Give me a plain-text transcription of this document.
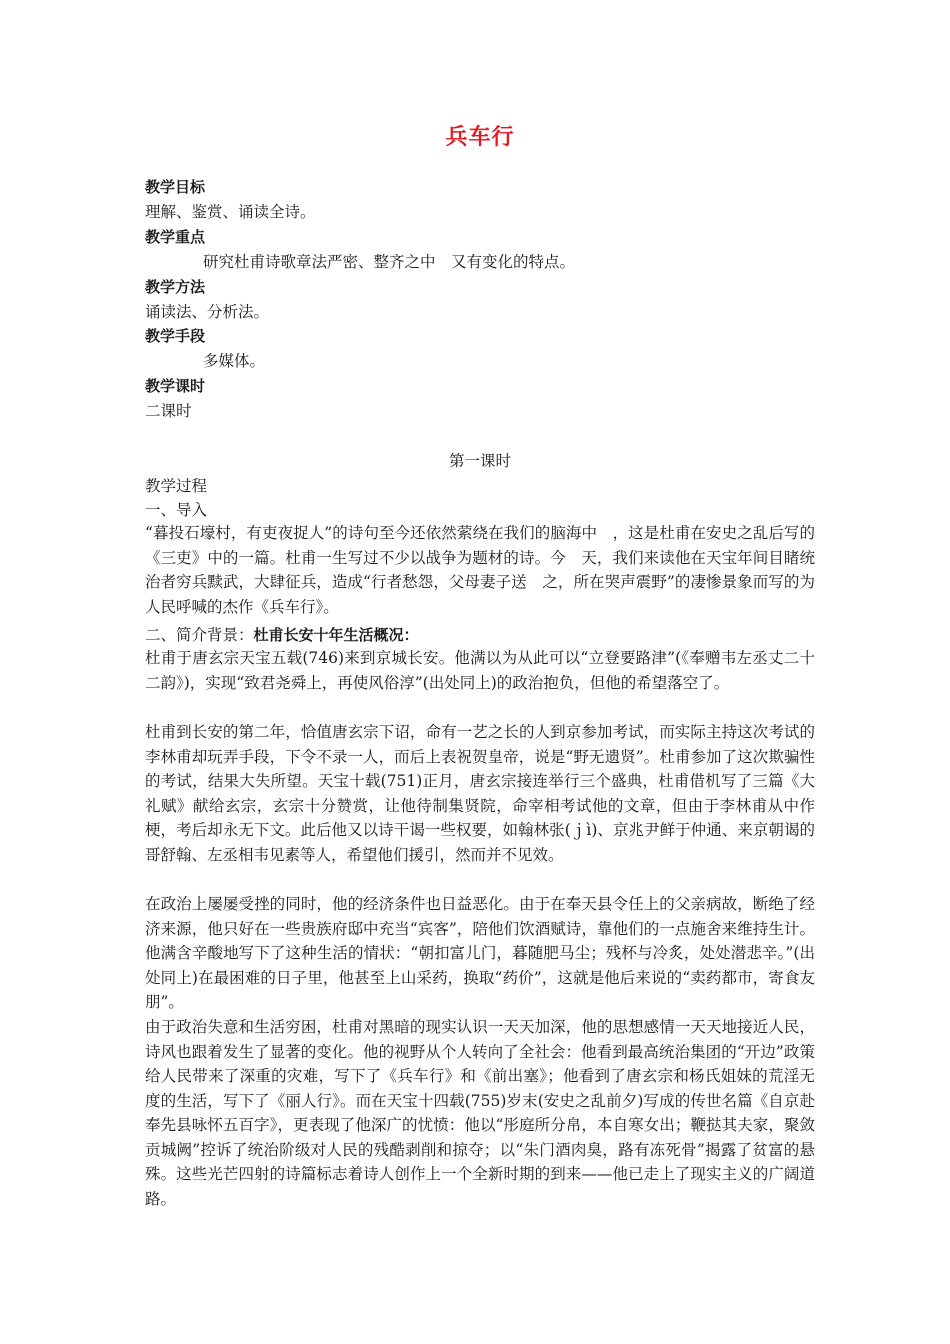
兵车行
教学目标
理解、鉴赏、诵读全诗。
教学重点
研究杜甫诗歌章法严密、整齐之中　又有变化的特点。
教学方法
诵读法、分析法。
教学手段
多媒体。
教学课时
二课时
第一课时
教学过程
一、导入
“暮投石壕村，有吏夜捉人”的诗句至今还依然萦绕在我们的脑海中　，这是杜甫在安史之乱后写的《三吏》中的一篇。杜甫一生写过不少以战争为题材的诗。今　天，我们来读他在天宝年间目睹统治者穷兵黩武，大肆征兵，造成“行者愁怨，父母妻子送　之，所在哭声震野”的凄惨景象而写的为人民呼喊的杰作《兵车行》。
二、简介背景：杜甫长安十年生活概况：
杜甫于唐玄宗天宝五载(746)来到京城长安。他满以为从此可以“立登要路津”(《奉赠韦左丞丈二十二韵》)，实现“致君尧舜上，再使风俗淳”(出处同上)的政治抱负，但他的希望落空了。
杜甫到长安的第二年，恰值唐玄宗下诏，命有一艺之长的人到京参加考试，而实际主持这次考试的李林甫却玩弄手段，下令不录一人，而后上表祝贺皇帝，说是“野无遗贤”。杜甫参加了这次欺骗性的考试，结果大失所望。天宝十载(751)正月，唐玄宗接连举行三个盛典，杜甫借机写了三篇《大礼赋》献给玄宗，玄宗十分赞赏，让他待制集贤院，命宰相考试他的文章，但由于李林甫从中作梗，考后却永无下文。此后他又以诗干谒一些权要，如翰林张(ｊì)、京兆尹鲜于仲通、来京朝谒的哥舒翰、左丞相韦见素等人，希望他们援引，然而并不见效。
在政治上屡屡受挫的同时，他的经济条件也日益恶化。由于在奉天县令任上的父亲病故，断绝了经济来源，他只好在一些贵族府邸中充当“宾客”，陪他们饮酒赋诗，靠他们的一点施舍来维持生计。他满含辛酸地写下了这种生活的情状：“朝扣富儿门，暮随肥马尘；残杯与冷炙，处处潜悲辛。”(出处同上)在最困难的日子里，他甚至上山采药，换取“药价”，这就是他后来说的“卖药都市，寄食友朋”。
由于政治失意和生活穷困，杜甫对黑暗的现实认识一天天加深，他的思想感情一天天地接近人民，诗风也跟着发生了显著的变化。他的视野从个人转向了全社会：他看到最高统治集团的“开边”政策给人民带来了深重的灾难，写下了《兵车行》和《前出塞》；他看到了唐玄宗和杨氏姐妹的荒淫无度的生活，写下了《丽人行》。而在天宝十四载(755)岁末(安史之乱前夕)写成的传世名篇《自京赴奉先县咏怀五百字》，更表现了他深广的忧愤：他以“彤庭所分帛，本自寒女出；鞭挞其夫家，聚敛贡城阙”控诉了统治阶级对人民的残酷剥削和掠夺；以“朱门酒肉臭，路有冻死骨”揭露了贫富的悬殊。这些光芒四射的诗篇标志着诗人创作上一个全新时期的到来——他已走上了现实主义的广阔道路。
